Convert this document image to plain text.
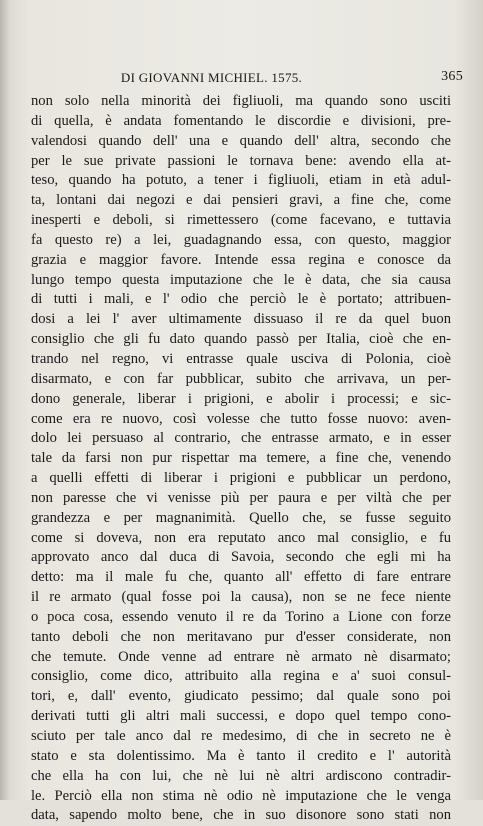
DI GIOVANNI MICHIEL. 1575.	365
non solo nella minorità dei figliuoli, ma quando sono usciti
di quella, è andata fomentando le discordie e divisioni, pre-
valendosi quando dell' una e quando dell' altra, secondo che
per le sue private passioni le tornava bene: avendo ella at-
teso, quando ha potuto, a tener i figliuoli, etiam in età adul-
ta, lontani dai negozi e dai pensieri gravi, a fine che, come
inesperti e deboli, si rimettessero (come facevano, e tuttavia
fa questo re) a lei, guadagnando essa, con questo, maggior
grazia e maggior favore. Intende essa regina e conosce da
lungo tempo questa imputazione che le è data, che sia causa
di tutti i mali, e l' odio che perciò le è portato; attribuen-
dosi a lei l' aver ultimamente dissuaso il re da quel buon
consiglio che gli fu dato quando passò per Italia, cioè che en-
trando nel regno, vi entrasse quale usciva di Polonia, cioè
disarmato, e con far pubblicar, subito che arrivava, un per-
dono generale, liberar i prigioni, e abolir i processi; e sic-
come era re nuovo, così volesse che tutto fosse nuovo: aven-
dolo lei persuaso al contrario, che entrasse armato, e in esser
tale da farsi non pur rispettar ma temere, a fine che, venendo
a quelli effetti di liberar i prigioni e pubblicar un perdono,
non paresse che vi venisse più per paura e per viltà che per
grandezza e per magnanimità. Quello che, se fusse seguito
come si doveva, non era reputato anco mal consiglio, e fu
approvato anco dal duca di Savoia, secondo che egli mi ha
detto: ma il male fu che, quanto all' effetto di fare entrare
il re armato (qual fosse poi la causa), non se ne fece niente
o poca cosa, essendo venuto il re da Torino a Lione con forze
tanto deboli che non meritavano pur d'esser considerate, non
che temute. Onde venne ad entrare nè armato nè disarmato;
consiglio, come dico, attribuito alla regina e a' suoi consul-
tori, e, dall' evento, giudicato pessimo; dal quale sono poi
derivati tutti gli altri mali successi, e dopo quel tempo cono-
sciuto per tale anco dal re medesimo, di che in secreto ne è
stato e sta dolentissimo. Ma è tanto il credito e l' autorità
che ella ha con lui, che nè lui nè altri ardiscono contradir-
le. Perciò ella non stima nè odio nè imputazione che le venga
data, sapendo molto bene, che in suo disonore sono stati non
